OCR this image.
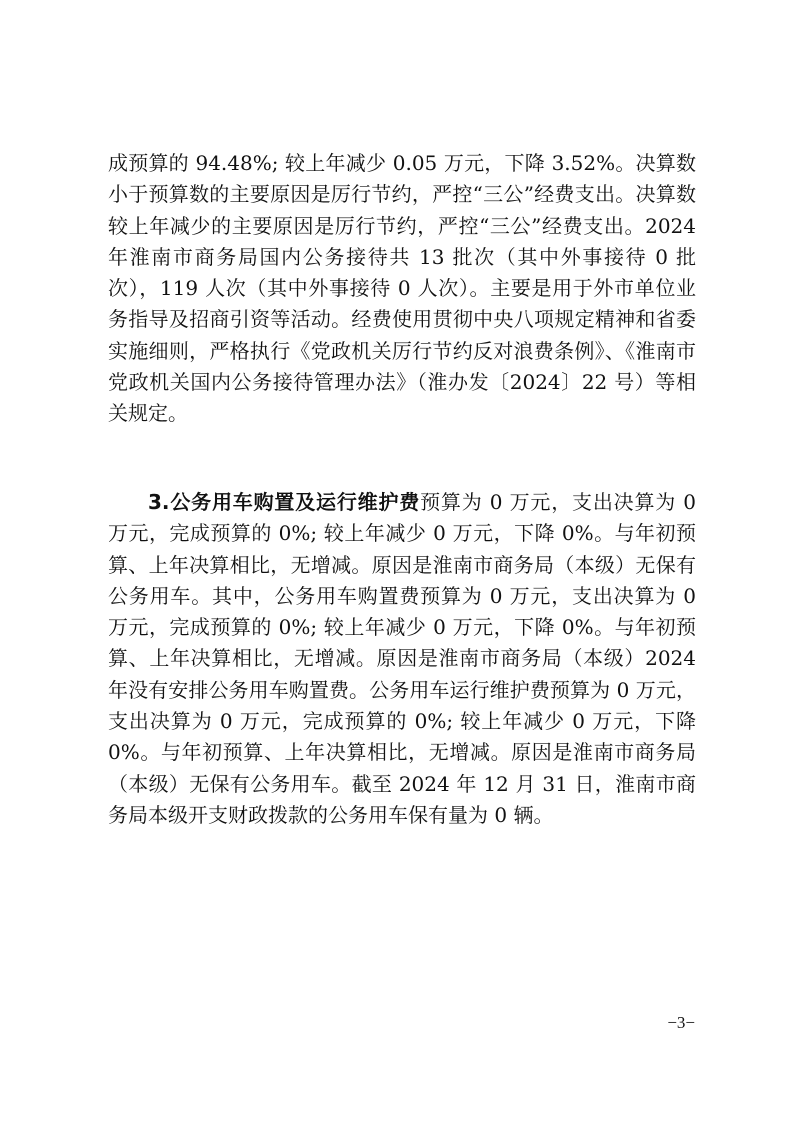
成预算的 94.48%; 较上年减少 0.05 万元，下降 3.52%。决算数小于预算数的主要原因是厉行节约，严控“三公”经费支出。决算数较上年减少的主要原因是厉行节约，严控“三公”经费支出。2024 年淮南市商务局国内公务接待共 13 批次（其中外事接待 0 批次），119 人次（其中外事接待 0 人次）。主要是用于外市单位业务指导及招商引资等活动。经费使用贯彻中央八项规定精神和省委实施细则，严格执行《党政机关厉行节约反对浪费条例》、《淮南市党政机关国内公务接待管理办法》（淮办发〔2024〕22 号）等相关规定。

3.公务用车购置及运行维护费预算为 0 万元，支出决算为 0 万元，完成预算的 0%; 较上年减少 0 万元，下降 0%。与年初预算、上年决算相比，无增减。原因是淮南市商务局（本级）无保有公务用车。其中，公务用车购置费预算为 0 万元，支出决算为 0 万元，完成预算的 0%; 较上年减少 0 万元，下降 0%。与年初预算、上年决算相比，无增减。原因是淮南市商务局（本级）2024 年没有安排公务用车购置费。公务用车运行维护费预算为 0 万元，支出决算为 0 万元，完成预算的 0%; 较上年减少 0 万元，下降 0%。与年初预算、上年决算相比，无增减。原因是淮南市商务局（本级）无保有公务用车。截至 2024 年 12 月 31 日，淮南市商务局本级开支财政拨款的公务用车保有量为 0 辆。

−3−
